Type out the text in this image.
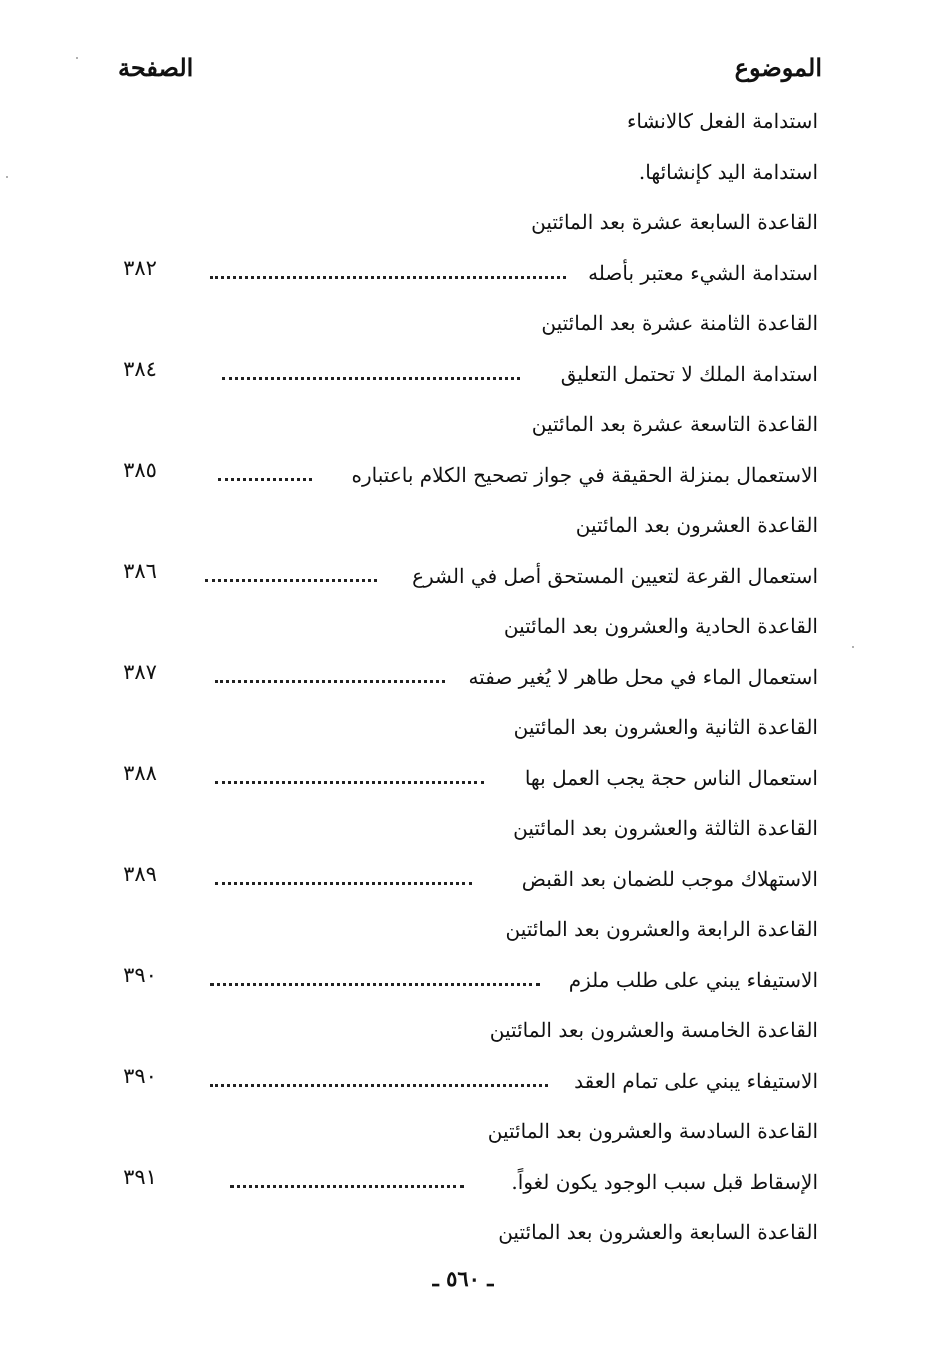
الموضوع
الصفحة
استدامة الفعل كالانشاء
استدامة اليد كإنشائها.
القاعدة السابعة عشرة بعد المائتين
استدامة الشيء معتبر بأصله
٣٨٢
القاعدة الثامنة عشرة بعد المائتين
استدامة الملك لا تحتمل التعليق
٣٨٤
القاعدة التاسعة عشرة بعد المائتين
الاستعمال بمنزلة الحقيقة في جواز تصحيح الكلام باعتباره
٣٨٥
القاعدة العشرون بعد المائتين
استعمال القرعة لتعيين المستحق أصل في الشرع
٣٨٦
القاعدة الحادية والعشرون بعد المائتين
استعمال الماء في محل طاهر لا يُغير صفته
٣٨٧
القاعدة الثانية والعشرون بعد المائتين
استعمال الناس حجة يجب العمل بها
٣٨٨
القاعدة الثالثة والعشرون بعد المائتين
الاستهلاك موجب للضمان بعد القبض
٣٨٩
القاعدة الرابعة والعشرون بعد المائتين
الاستيفاء يبني على طلب ملزم
٣٩٠
القاعدة الخامسة والعشرون بعد المائتين
الاستيفاء يبني على تمام العقد
٣٩٠
القاعدة السادسة والعشرون بعد المائتين
الإسقاط قبل سبب الوجود يكون لغواً.
٣٩١
القاعدة السابعة والعشرون بعد المائتين
ـ ٥٦٠ ـ
